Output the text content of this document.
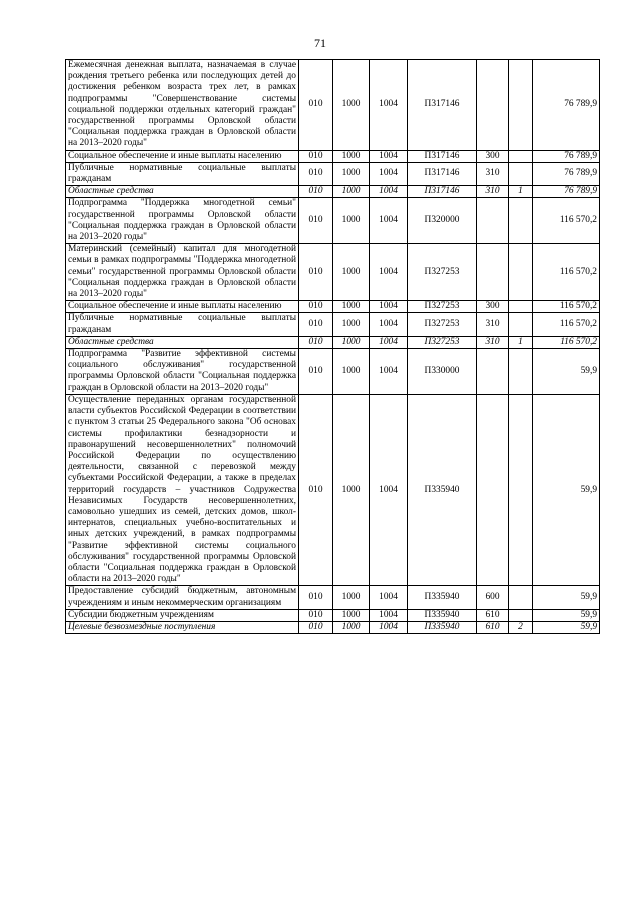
71
Ежемесячная денежная выплата, назначаемая в случае рождения третьего ребенка или последующих детей до достижения ребенком возраста трех лет, в рамках подпрограммы "Совершенствование системы социальной поддержки отдельных категорий граждан" государственной программы Орловской области "Социальная поддержка граждан в Орловской области на 2013–2020 годы"	010	1000	1004	П317146			76 789,9
Социальное обеспечение и иные выплаты населению	010	1000	1004	П317146	300		76 789,9
Публичные нормативные социальные выплаты гражданам	010	1000	1004	П317146	310		76 789,9
Областные средства	010	1000	1004	П317146	310	1	76 789,9
Подпрограмма "Поддержка многодетной семьи" государственной программы Орловской области "Социальная поддержка граждан в Орловской области на 2013–2020 годы"	010	1000	1004	П320000			116 570,2
Материнский (семейный) капитал для многодетной семьи в рамках подпрограммы "Поддержка многодетной семьи" государственной программы Орловской области "Социальная поддержка граждан в Орловской области на 2013–2020 годы"	010	1000	1004	П327253			116 570,2
Социальное обеспечение и иные выплаты населению	010	1000	1004	П327253	300		116 570,2
Публичные нормативные социальные выплаты гражданам	010	1000	1004	П327253	310		116 570,2
Областные средства	010	1000	1004	П327253	310	1	116 570,2
Подпрограмма "Развитие эффективной системы социального обслуживания" государственной программы Орловской области "Социальная поддержка граждан в Орловской области на 2013–2020 годы"	010	1000	1004	П330000			59,9
Осуществление переданных органам государственной власти субъектов Российской Федерации в соответствии с пунктом 3 статьи 25 Федерального закона "Об основах системы профилактики безнадзорности и правонарушений несовершеннолетних" полномочий Российской Федерации по осуществлению деятельности, связанной с перевозкой между субъектами Российской Федерации, а также в пределах территорий государств – участников Содружества Независимых Государств несовершеннолетних, самовольно ушедших из семей, детских домов, школ-интернатов, специальных учебно-воспитательных и иных детских учреждений, в рамках подпрограммы "Развитие эффективной системы социального обслуживания" государственной программы Орловской области "Социальная поддержка граждан в Орловской области на 2013–2020 годы"	010	1000	1004	П335940			59,9
Предоставление субсидий бюджетным, автономным учреждениям и иным некоммерческим организациям	010	1000	1004	П335940	600		59,9
Субсидии бюджетным учреждениям	010	1000	1004	П335940	610		59,9
Целевые безвозмездные поступления	010	1000	1004	П335940	610	2	59,9
